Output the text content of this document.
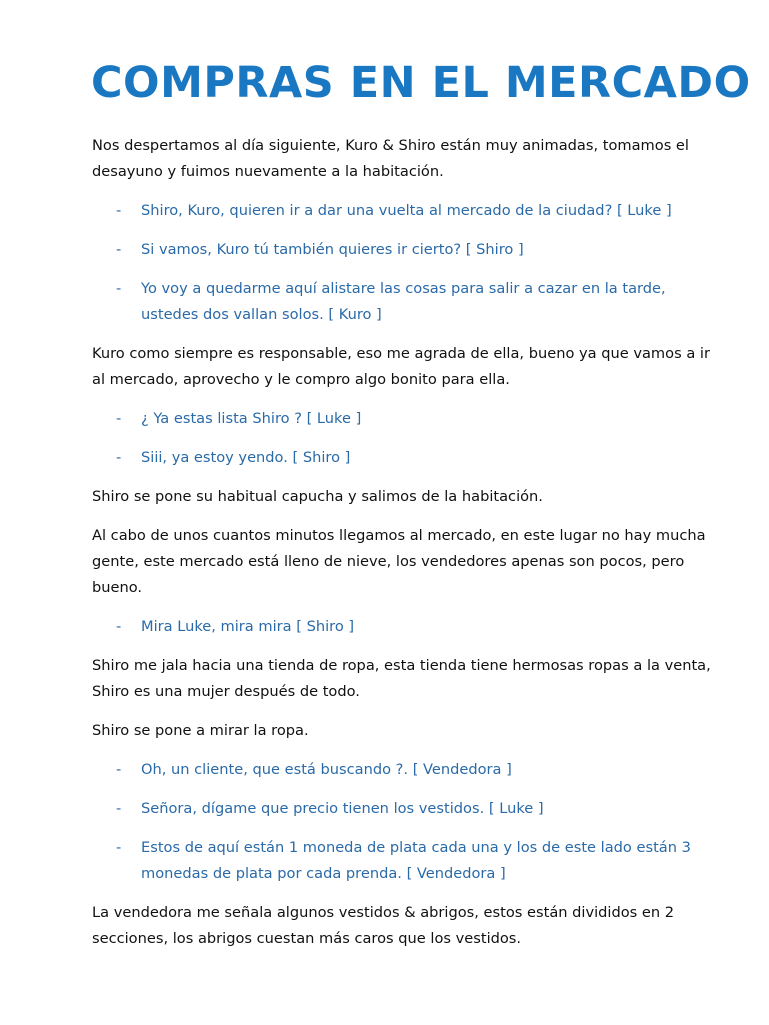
COMPRAS EN EL MERCADO
Nos despertamos al día siguiente, Kuro & Shiro están muy animadas, tomamos el desayuno y fuimos nuevamente a la habitación.
- Shiro, Kuro, quieren ir a dar una vuelta al mercado de la ciudad? [ Luke ]
- Si vamos, Kuro tú también quieres ir cierto? [ Shiro ]
- Yo voy a quedarme aquí alistare las cosas para salir a cazar en la tarde, ustedes dos vallan solos. [ Kuro ]
Kuro como siempre es responsable, eso me agrada de ella, bueno ya que vamos a ir al mercado, aprovecho y le compro algo bonito para ella.
- ¿ Ya estas lista Shiro ? [ Luke ]
- Siii, ya estoy yendo. [ Shiro ]
Shiro se pone su habitual capucha y salimos de la habitación.
Al cabo de unos cuantos minutos llegamos al mercado, en este lugar no hay mucha gente, este mercado está lleno de nieve, los vendedores apenas son pocos, pero bueno.
- Mira Luke, mira mira [ Shiro ]
Shiro me jala hacia una tienda de ropa, esta tienda tiene hermosas ropas a la venta, Shiro es una mujer después de todo.
Shiro se pone a mirar la ropa.
- Oh, un cliente, que está buscando ?. [ Vendedora ]
- Señora, dígame que precio tienen los vestidos. [ Luke ]
- Estos de aquí están 1 moneda de plata cada una y los de este lado están 3 monedas de plata por cada prenda. [ Vendedora ]
La vendedora me señala algunos vestidos & abrigos, estos están divididos en 2 secciones, los abrigos cuestan más caros que los vestidos.
